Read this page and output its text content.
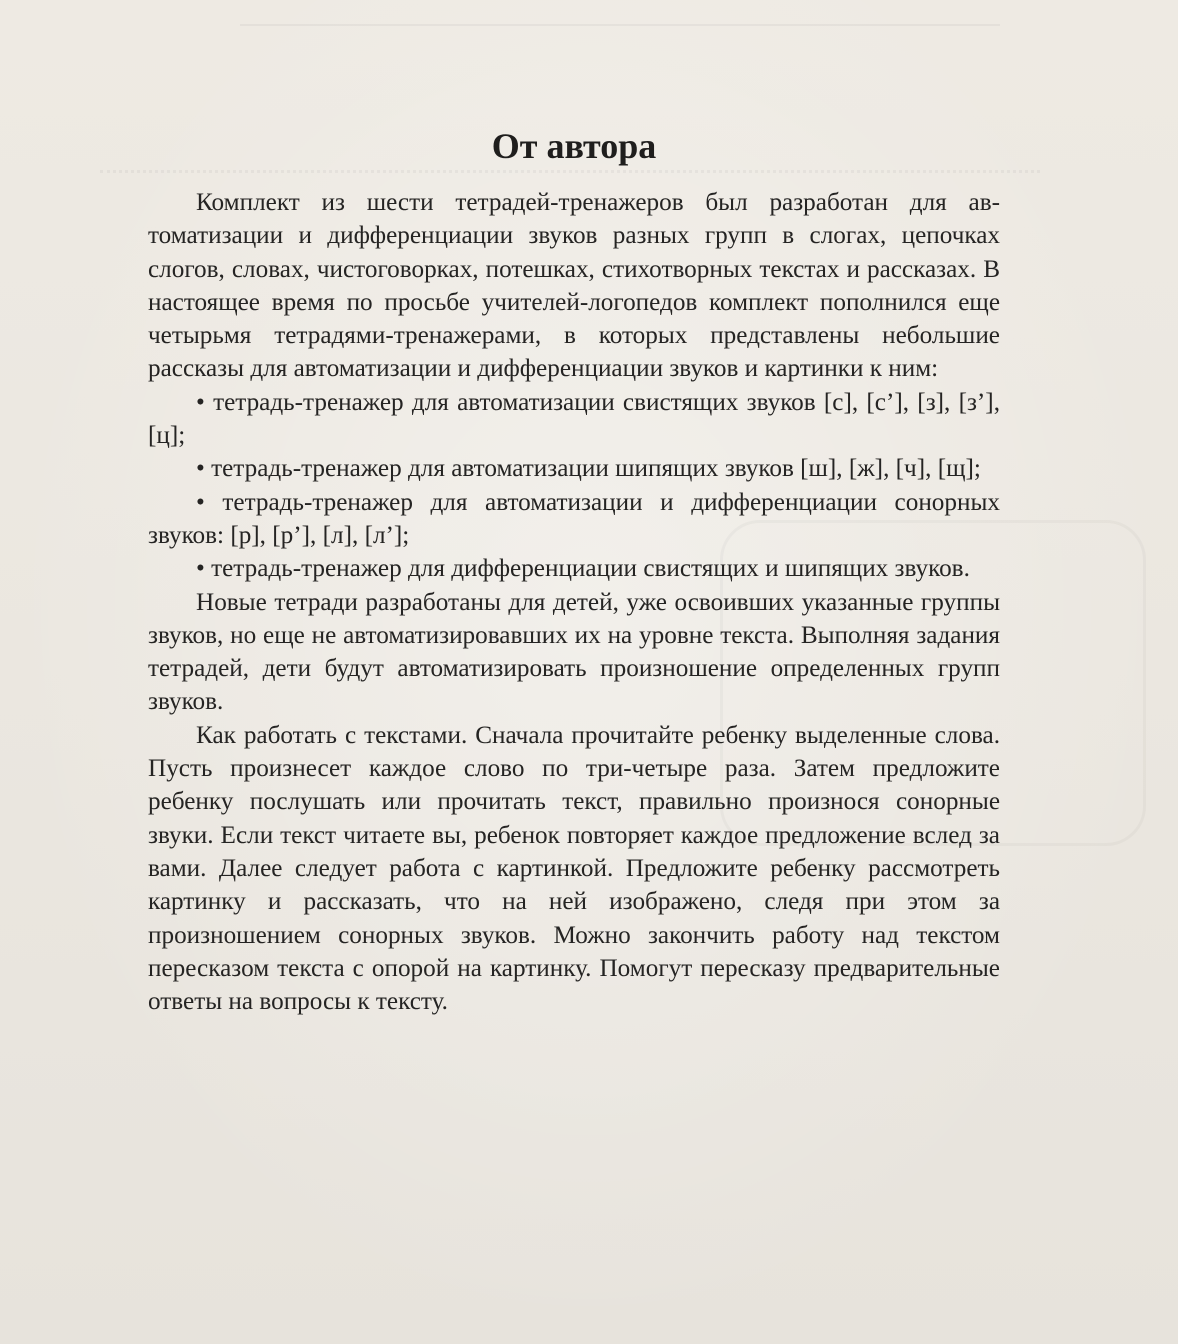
От автора

Комплект из шести тетрадей-тренажеров был разработан для автоматизации и дифференциации звуков разных групп в слогах, цепочках слогов, словах, чистоговорках, потешках, стихотворных текстах и рассказах. В настоящее время по просьбе учителей-логопедов комплект пополнился еще четырьмя тетрадями-тренажерами, в которых представлены небольшие рассказы для автоматизации и дифференциации звуков и картинки к ним:

• тетрадь-тренажер для автоматизации свистящих звуков [с], [с’], [з], [з’], [ц];

• тетрадь-тренажер для автоматизации шипящих звуков [ш], [ж], [ч], [щ];

• тетрадь-тренажер для автоматизации и дифференциации сонорных звуков: [р], [р’], [л], [л’];

• тетрадь-тренажер для дифференциации свистящих и шипящих звуков.

Новые тетради разработаны для детей, уже освоивших указанные группы звуков, но еще не автоматизировавших их на уровне текста. Выполняя задания тетрадей, дети будут автоматизировать произношение определенных групп звуков.

Как работать с текстами. Сначала прочитайте ребенку выделенные слова. Пусть произнесет каждое слово по три-четыре раза. Затем предложите ребенку послушать или прочитать текст, правильно произнося сонорные звуки. Если текст читаете вы, ребенок повторяет каждое предложение вслед за вами. Далее следует работа с картинкой. Предложите ребенку рассмотреть картинку и рассказать, что на ней изображено, следя при этом за произношением сонорных звуков. Можно закончить работу над текстом пересказом текста с опорой на картинку. Помогут пересказу предварительные ответы на вопросы к тексту.
